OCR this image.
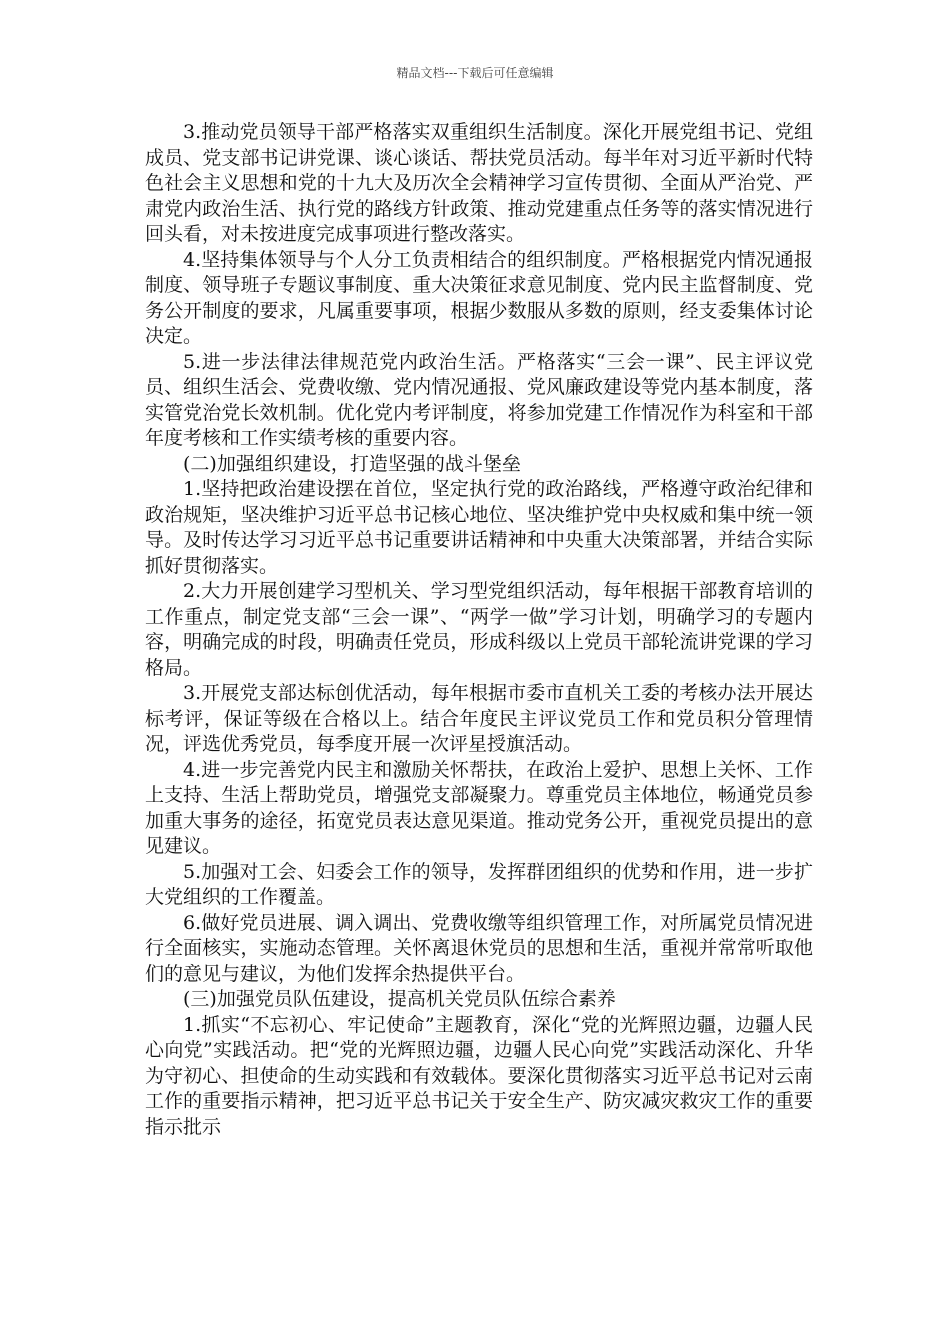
精品文档---下载后可任意编辑

3.推动党员领导干部严格落实双重组织生活制度。深化开展党组书记、党组成员、党支部书记讲党课、谈心谈话、帮扶党员活动。每半年对习近平新时代特色社会主义思想和党的十九大及历次全会精神学习宣传贯彻、全面从严治党、严肃党内政治生活、执行党的路线方针政策、推动党建重点任务等的落实情况进行回头看，对未按进度完成事项进行整改落实。

4.坚持集体领导与个人分工负责相结合的组织制度。严格根据党内情况通报制度、领导班子专题议事制度、重大决策征求意见制度、党内民主监督制度、党务公开制度的要求，凡属重要事项，根据少数服从多数的原则，经支委集体讨论决定。

5.进一步法律法律规范党内政治生活。严格落实“三会一课”、民主评议党员、组织生活会、党费收缴、党内情况通报、党风廉政建设等党内基本制度，落实管党治党长效机制。优化党内考评制度，将参加党建工作情况作为科室和干部年度考核和工作实绩考核的重要内容。

(二)加强组织建设，打造坚强的战斗堡垒

1.坚持把政治建设摆在首位，坚定执行党的政治路线，严格遵守政治纪律和政治规矩，坚决维护习近平总书记核心地位、坚决维护党中央权威和集中统一领导。及时传达学习习近平总书记重要讲话精神和中央重大决策部署，并结合实际抓好贯彻落实。

2.大力开展创建学习型机关、学习型党组织活动，每年根据干部教育培训的工作重点，制定党支部“三会一课”、“两学一做”学习计划，明确学习的专题内容，明确完成的时段，明确责任党员，形成科级以上党员干部轮流讲党课的学习格局。

3.开展党支部达标创优活动，每年根据市委市直机关工委的考核办法开展达标考评，保证等级在合格以上。结合年度民主评议党员工作和党员积分管理情况，评选优秀党员，每季度开展一次评星授旗活动。

4.进一步完善党内民主和激励关怀帮扶，在政治上爱护、思想上关怀、工作上支持、生活上帮助党员，增强党支部凝聚力。尊重党员主体地位，畅通党员参加重大事务的途径，拓宽党员表达意见渠道。推动党务公开，重视党员提出的意见建议。

5.加强对工会、妇委会工作的领导，发挥群团组织的优势和作用，进一步扩大党组织的工作覆盖。

6.做好党员进展、调入调出、党费收缴等组织管理工作，对所属党员情况进行全面核实，实施动态管理。关怀离退休党员的思想和生活，重视并常常听取他们的意见与建议，为他们发挥余热提供平台。

(三)加强党员队伍建设，提高机关党员队伍综合素养

1.抓实“不忘初心、牢记使命”主题教育，深化“党的光辉照边疆，边疆人民心向党”实践活动。把“党的光辉照边疆，边疆人民心向党”实践活动深化、升华为守初心、担使命的生动实践和有效载体。要深化贯彻落实习近平总书记对云南工作的重要指示精神，把习近平总书记关于安全生产、防灾减灾救灾工作的重要指示批示
